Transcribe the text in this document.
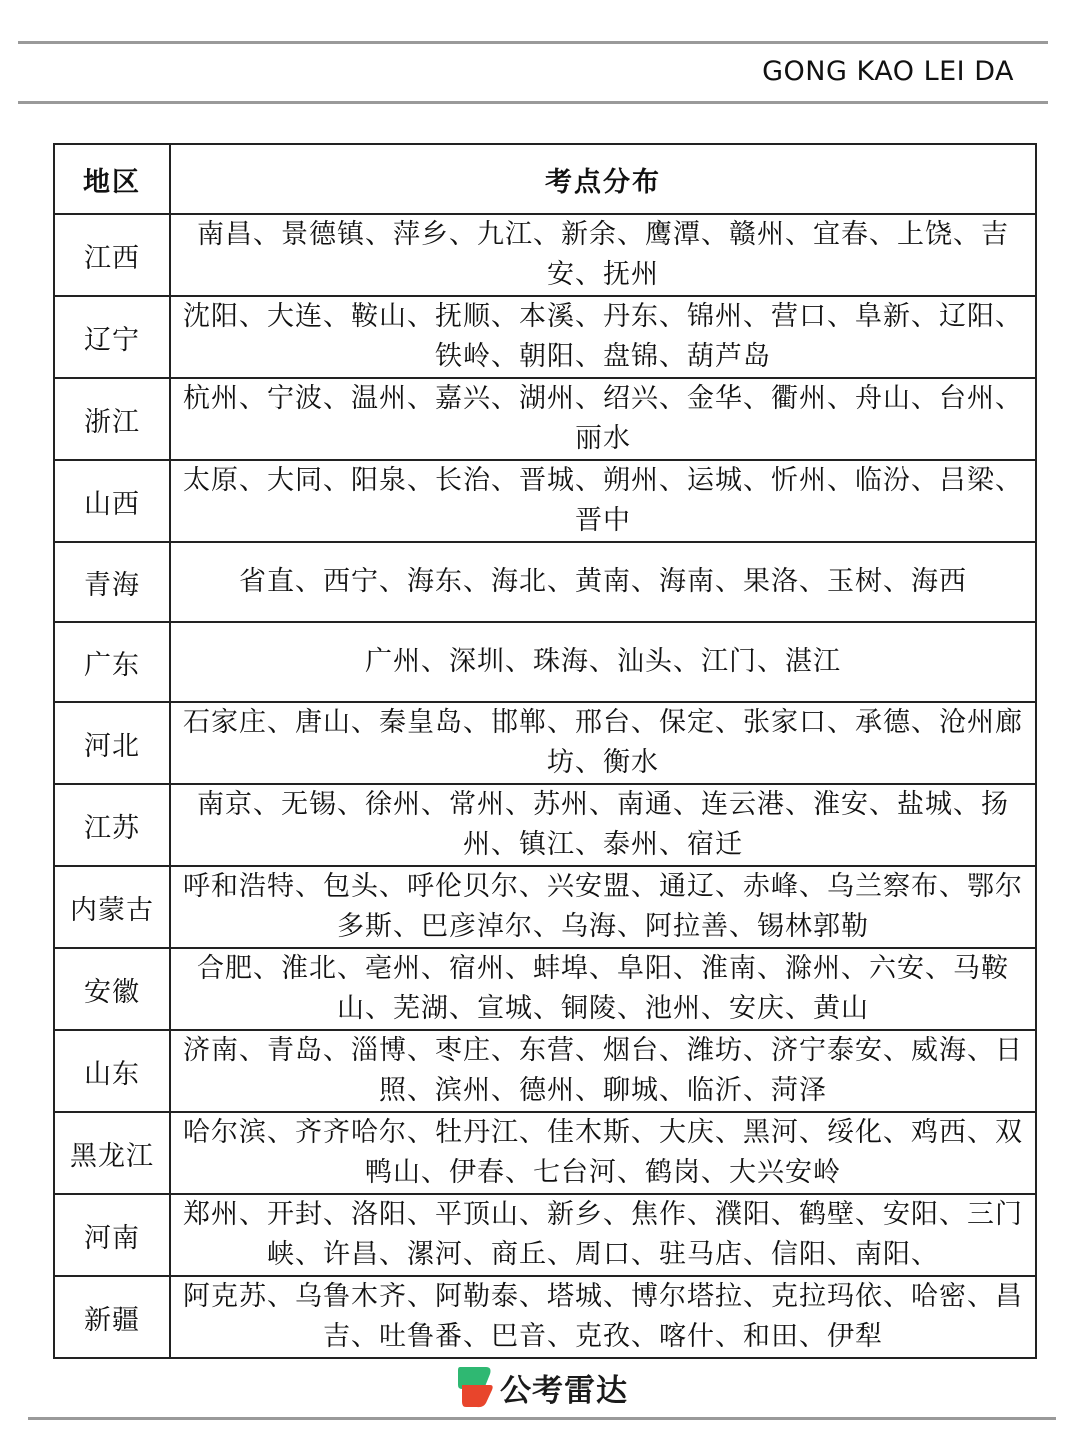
GONG KAO LEI DA
地区	考点分布
江西	南昌、景德镇、萍乡、九江、新余、鹰潭、赣州、宜春、上饶、吉安、抚州
辽宁	沈阳、大连、鞍山、抚顺、本溪、丹东、锦州、营口、阜新、辽阳、铁岭、朝阳、盘锦、葫芦岛
浙江	杭州、宁波、温州、嘉兴、湖州、绍兴、金华、衢州、舟山、台州、丽水
山西	太原、大同、阳泉、长治、晋城、朔州、运城、忻州、临汾、吕梁、晋中
青海	省直、西宁、海东、海北、黄南、海南、果洛、玉树、海西
广东	广州、深圳、珠海、汕头、江门、湛江
河北	石家庄、唐山、秦皇岛、邯郸、邢台、保定、张家口、承德、沧州廊坊、衡水
江苏	南京、无锡、徐州、常州、苏州、南通、连云港、淮安、盐城、扬州、镇江、泰州、宿迁
内蒙古	呼和浩特、包头、呼伦贝尔、兴安盟、通辽、赤峰、乌兰察布、鄂尔多斯、巴彦淖尔、乌海、阿拉善、锡林郭勒
安徽	合肥、淮北、亳州、宿州、蚌埠、阜阳、淮南、滁州、六安、马鞍山、芜湖、宣城、铜陵、池州、安庆、黄山
山东	济南、青岛、淄博、枣庄、东营、烟台、潍坊、济宁泰安、威海、日照、滨州、德州、聊城、临沂、菏泽
黑龙江	哈尔滨、齐齐哈尔、牡丹江、佳木斯、大庆、黑河、绥化、鸡西、双鸭山、伊春、七台河、鹤岗、大兴安岭
河南	郑州、开封、洛阳、平顶山、新乡、焦作、濮阳、鹤壁、安阳、三门峡、许昌、漯河、商丘、周口、驻马店、信阳、南阳、
新疆	阿克苏、乌鲁木齐、阿勒泰、塔城、博尔塔拉、克拉玛依、哈密、昌吉、吐鲁番、巴音、克孜、喀什、和田、伊犁
公考雷达
